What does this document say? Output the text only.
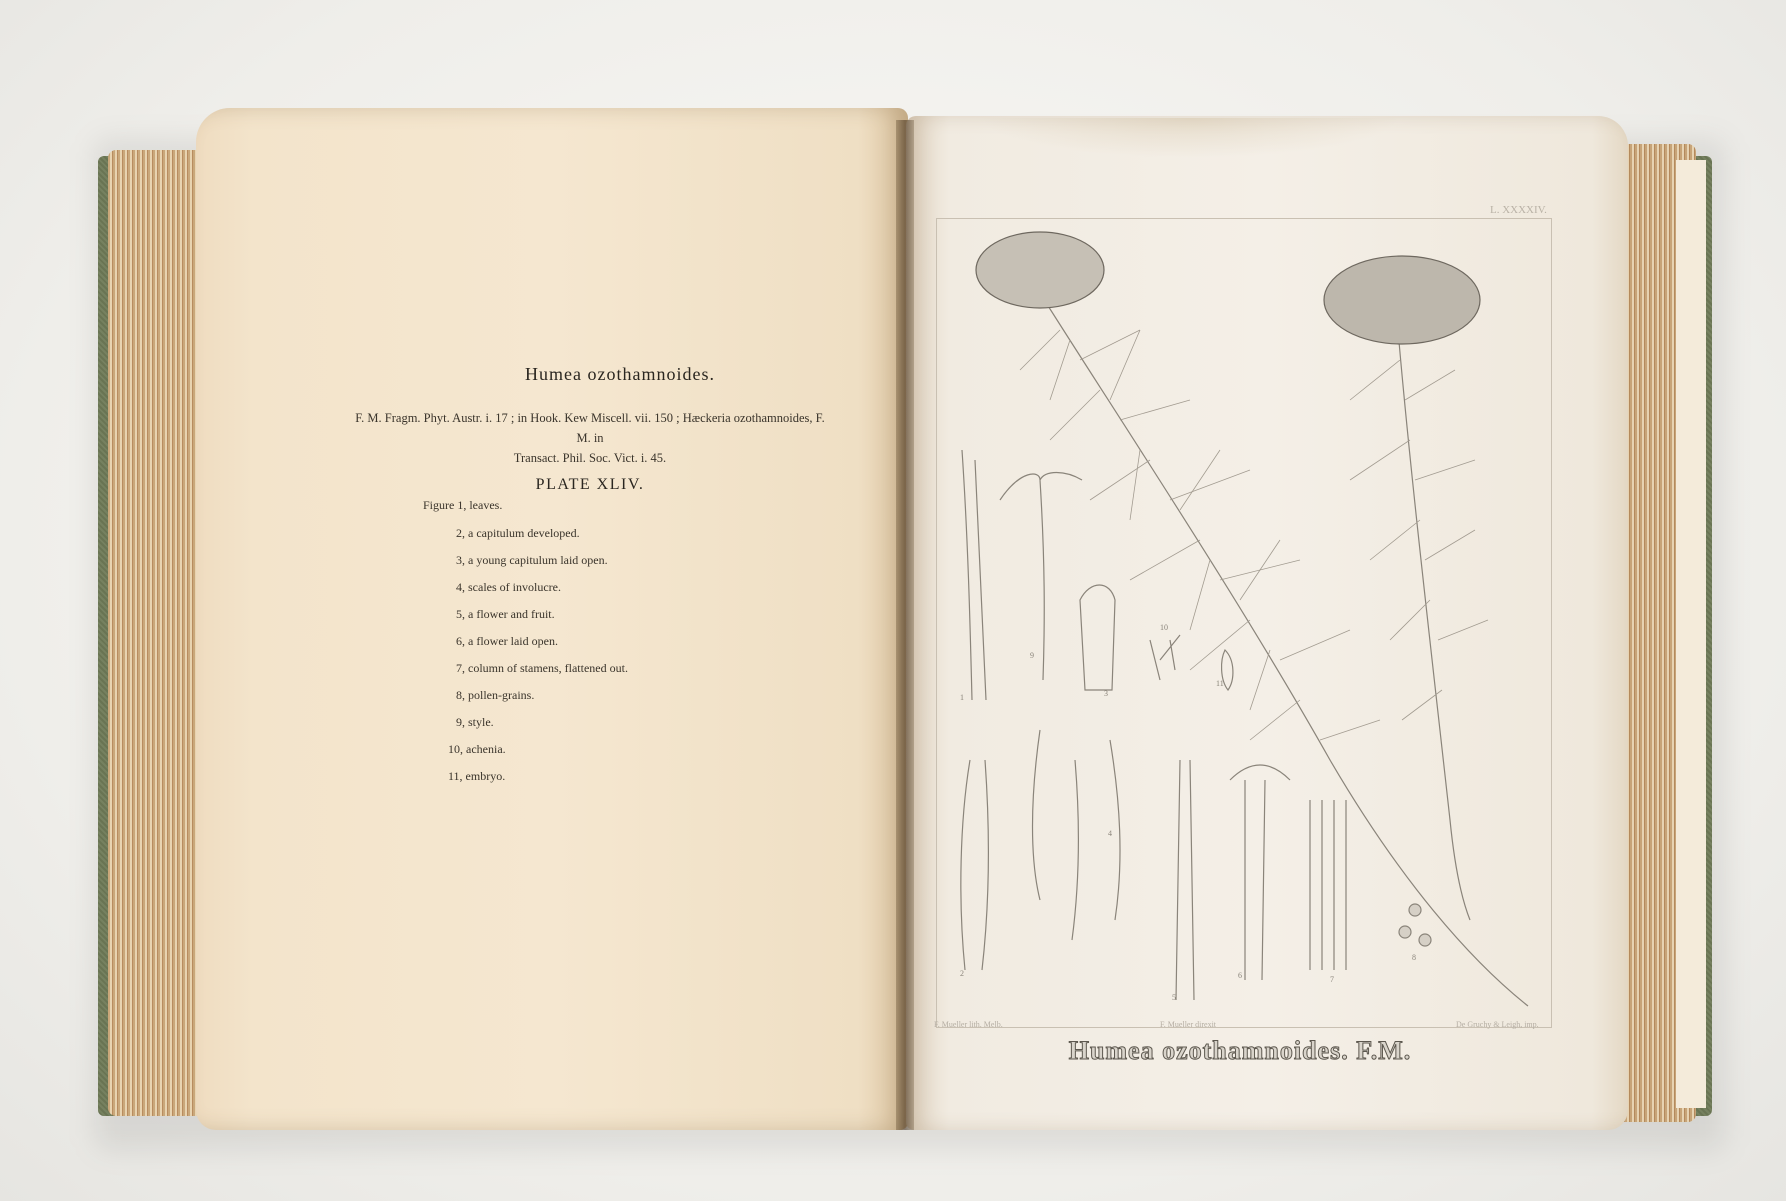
Humea ozothamnoides.
F. M. Fragm. Phyt. Austr. i. 17 ; in Hook. Kew Miscell. vii. 150 ; Hæckeria ozothamnoides, F. M. in
Transact. Phil. Soc. Vict. i. 45.
PLATE XLIV.
Figure 1, leaves.
2, a capitulum developed.
3, a young capitulum laid open.
4, scales of involucre.
5, a flower and fruit.
6, a flower laid open.
7, column of stamens, flattened out.
8, pollen-grains.
9, style.
10, achenia.
11, embryo.
L. XXXXIV.
1
2
3
4
5
6	7
8
9
10
11
F. Mueller lith. Melb.	F. Mueller direxit	De Gruchy & Leigh, imp.
Humea ozothamnoides. F.M.
